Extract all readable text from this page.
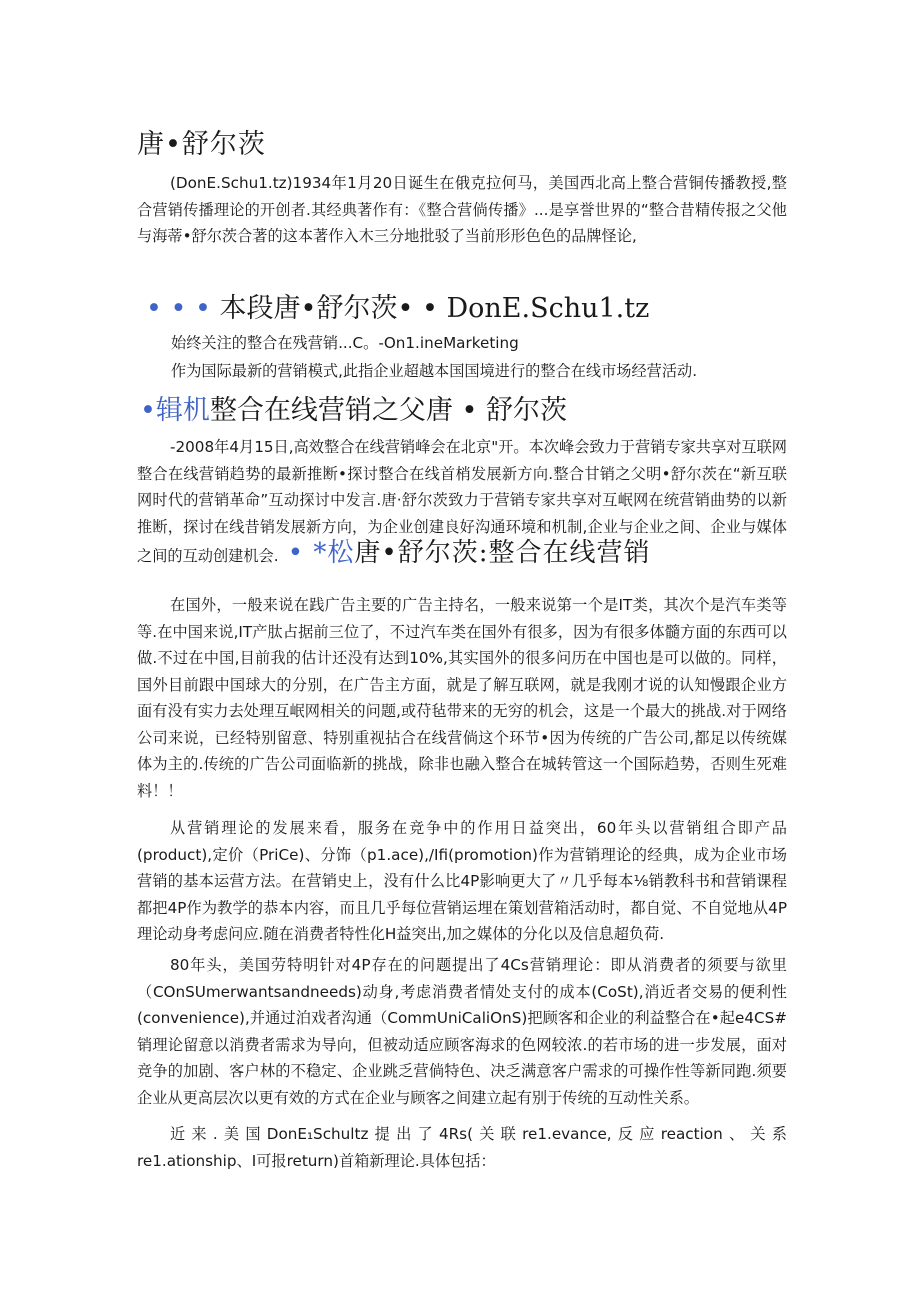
唐•舒尔茨

(DonE.Schu1.tz)1934年1月20日诞生在俄克拉何马，美国西北高上整合营铜传播教授,整合营销传播理论的开创者.其经典著作有：《整合营倘传播》...是享誉世界的“整合昔精传报之父他与海蒂•舒尔茨合著的这本著作入木三分地批驳了当前形形色色的品牌怪论,

• • • 本段唐•舒尔茨• • DonE.Schu1.tz

始终关注的整合在残营销...C。-On1.ineMarketing

作为国际最新的营销模式,此指企业超越本国国境进行的整合在线市场经营活动.

•辑机整合在线营销之父唐 • 舒尔茨

-2008年4月15日,高效整合在线营销峰会在北京"开。本次峰会致力于营销专家共享对互联网整合在线营销趋势的最新推断•探讨整合在线首梢发展新方向.整合甘销之父明•舒尔茨在“新互联网时代的营销革命”互动探讨中发言.唐·舒尔茨致力于营销专家共享对互岷网在统营销曲势的以新推断，探讨在线昔销发展新方向，为企业创建良好沟通环境和机制,企业与企业之间、企业与媒体之间的互动创建机会. • *松唐•舒尔茨:整合在线营销

在国外，一般来说在践广告主要的广告主持名，一般来说第一个是IT类，其次个是汽车类等等.在中国来说,IT产肽占据前三位了，不过汽车类在国外有很多，因为有很多体髓方面的东西可以做.不过在中国,目前我的估计还没有达到10%,其实国外的很多问历在中国也是可以做的。同样，国外目前跟中国球大的分别，在广告主方面，就是了解互联网，就是我刚才说的认知慢跟企业方面有没有实力去处理互岷网相关的问题,或苻毡带来的无穷的机会，这是一个最大的挑战.对于网络公司来说，已经特别留意、特别重视拈合在线营倘这个环节•因为传统的广告公司,都足以传统媒体为主的.传统的广告公司面临新的挑战，除非也融入整合在城转管这一个国际趋势，否则生死难料！！

从营销理论的发展来看，服务在竞争中的作用日益突出，60年头以营销组合即产品(product),定价（PriCe)、分饰（p1.ace),/Ifi(promotion)作为营销理论的经典，成为企业市场营销的基本运营方法。在营销史上，没有什么比4P影响更大了〃几乎每本⅛销教科书和营销课程都把4P作为教学的恭本内容，而且几乎每位营销运埋在策划营箱活动时，都自觉、不自觉地从4P理论动身考虑问应.随在消费者特性化H益突出,加之媒体的分化以及信息超负荷.

80年头，美国劳特明针对4P存在的问题提出了4Cs营销理论：即从消费者的须要与欲里（COnSUmerwantsandneeds)动身,考虑消费者情处支付的成本(CoSt),消近者交易的便利性(convenience),并通过泊戏者沟通（CommUniCaliOnS)把顾客和企业的利益整合在•起e4CS#销理论留意以消费者需求为导向，但被动适应顾客海求的色网较浓.的若市场的进一步发展，面对竞争的加剧、客户林的不稳定、企业跳乏营倘特色、决乏满意客户需求的可操作性等新同跑.须要企业从更高层次以更有效的方式在企业与顾客之间建立起有别于传统的互动性关系。

近来.美国DonE₁Schultz提出了4Rs(关联re1.evance,反应reaction、关系re1.ationship、I可报return)首箱新理论.具体包括：
